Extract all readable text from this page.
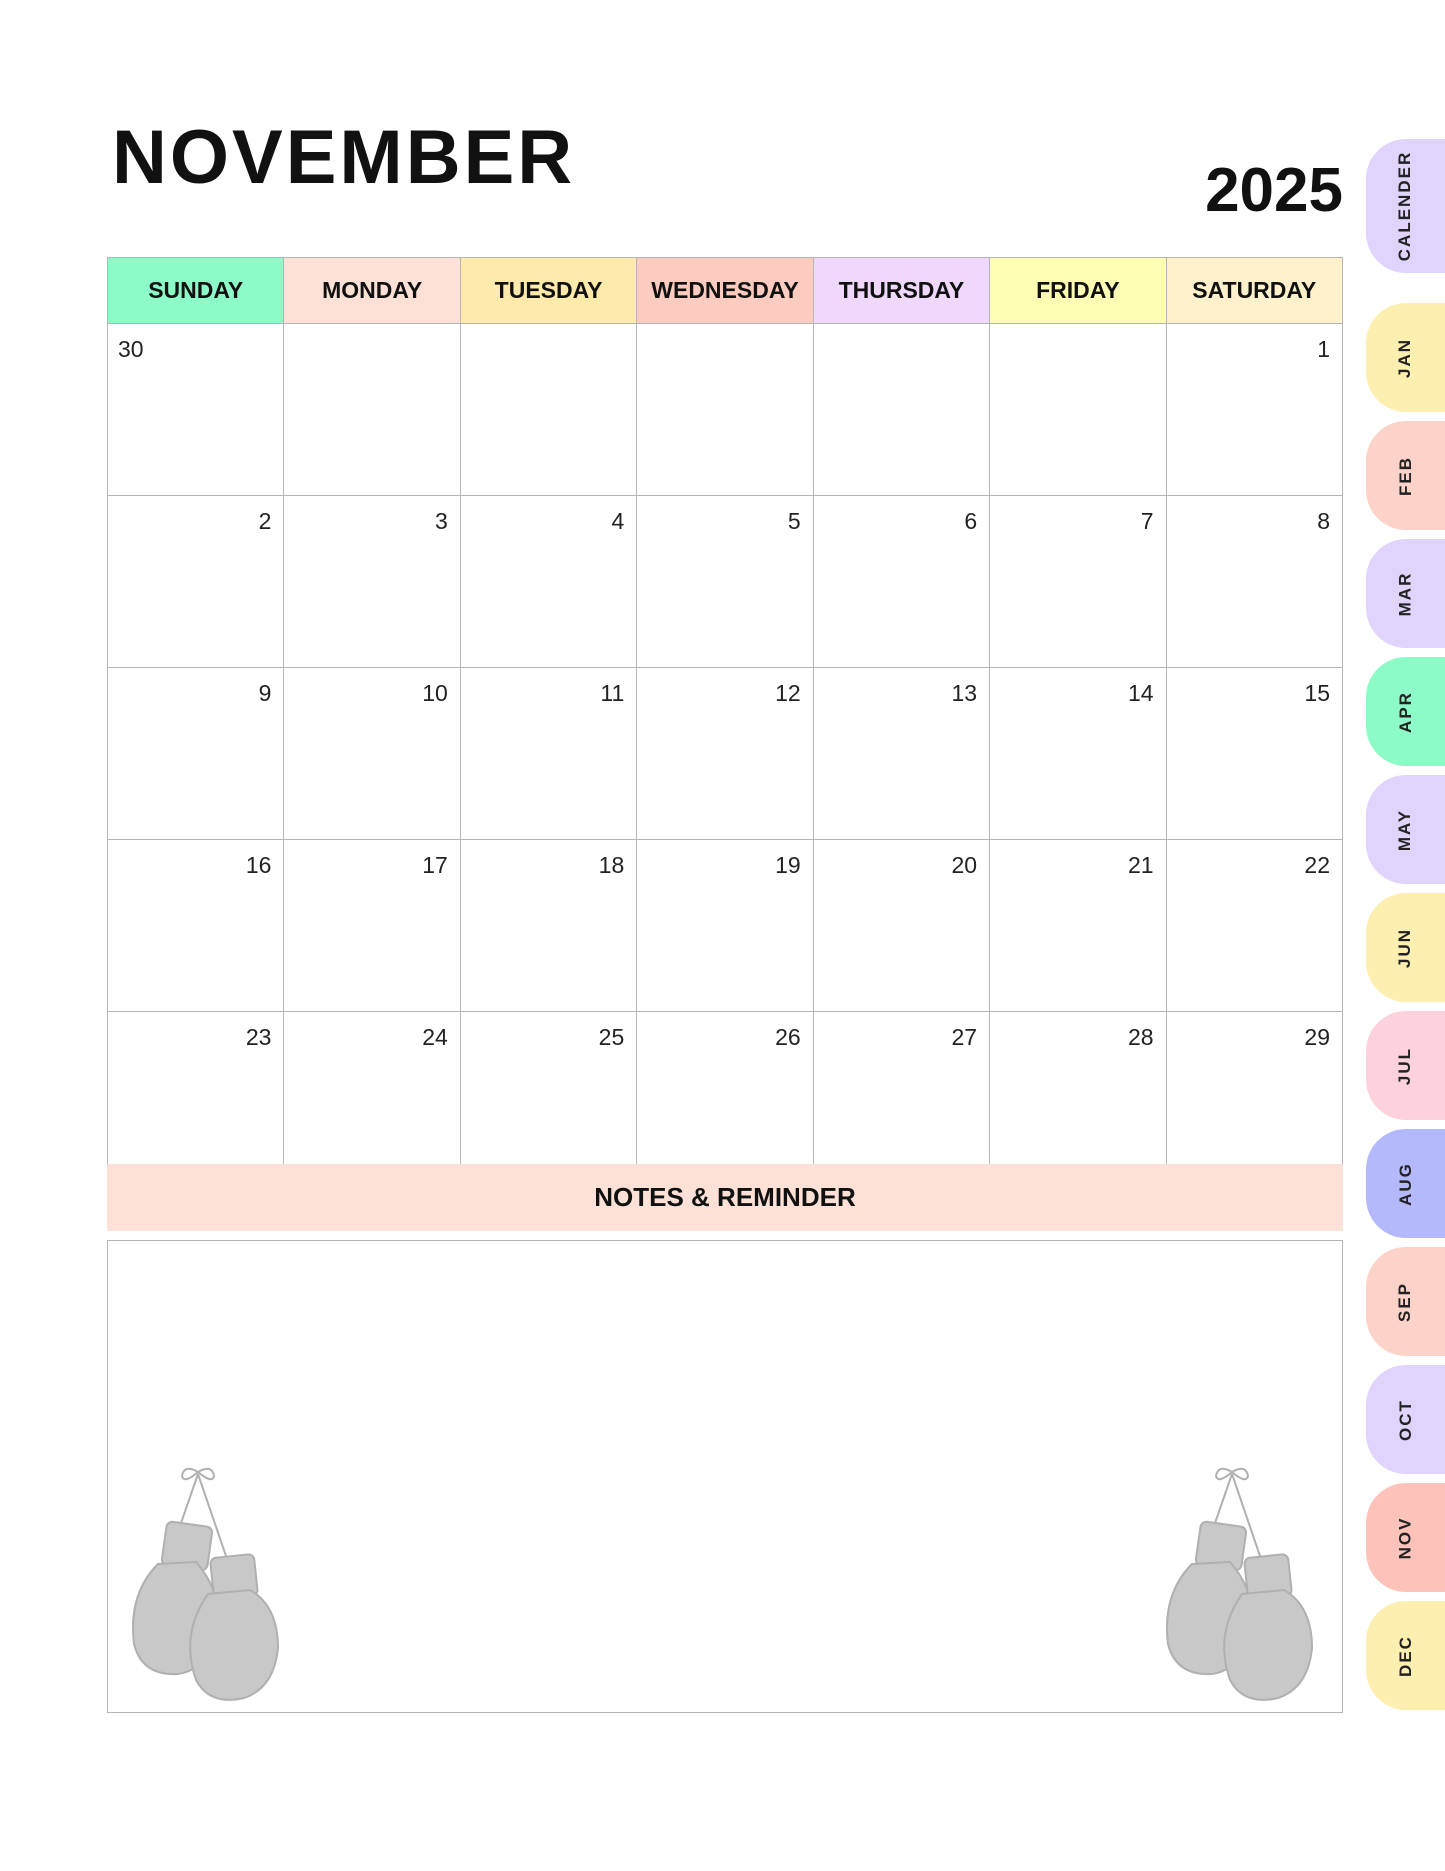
NOVEMBER	2025
SUNDAY	MONDAY	TUESDAY	WEDNESDAY	THURSDAY	FRIDAY	SATURDAY
30						1
2	3	4	5	6	7	8
9	10	11	12	13	14	15
16	17	18	19	20	21	22
23	24	25	26	27	28	29
NOTES & REMINDER
CALENDER
JAN
FEB
MAR
APR
MAY
JUN
JUL
AUG
SEP
OCT
NOV
DEC
